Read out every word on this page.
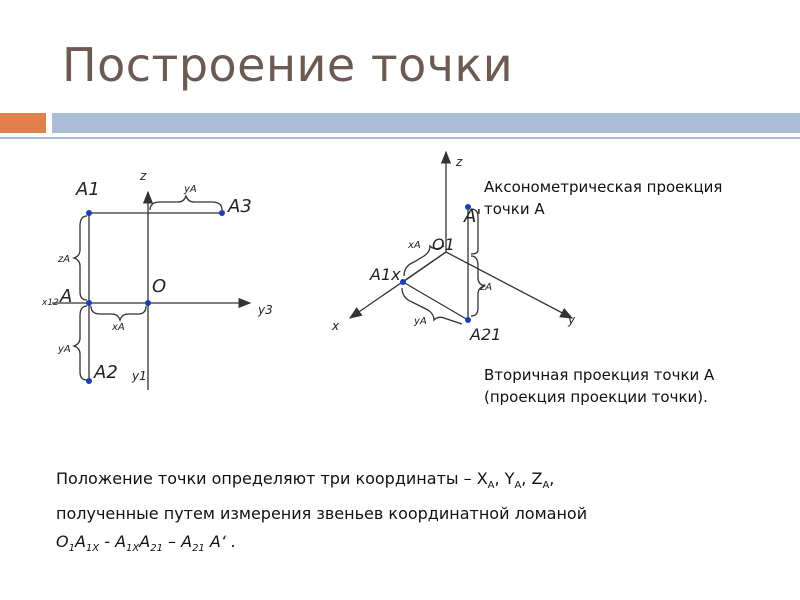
Построение точки
A1
A3
A2
O
A
z
y3
y1
x12
yA
zA
xA
yA
z
x	y
A'
O1
A1x
A21
xA
zA
yA
Аксонометрическая проекция
точки А
Вторичная проекция точки А
(проекция проекции точки).
Положение точки определяют три координаты – $X_A$, $Y_A$, $Z_A$,
полученные путем измерения звеньев координатной ломаной
$O_1A_{1X} - A_{1X}A_{21} - A_{21}$ A‘ .
